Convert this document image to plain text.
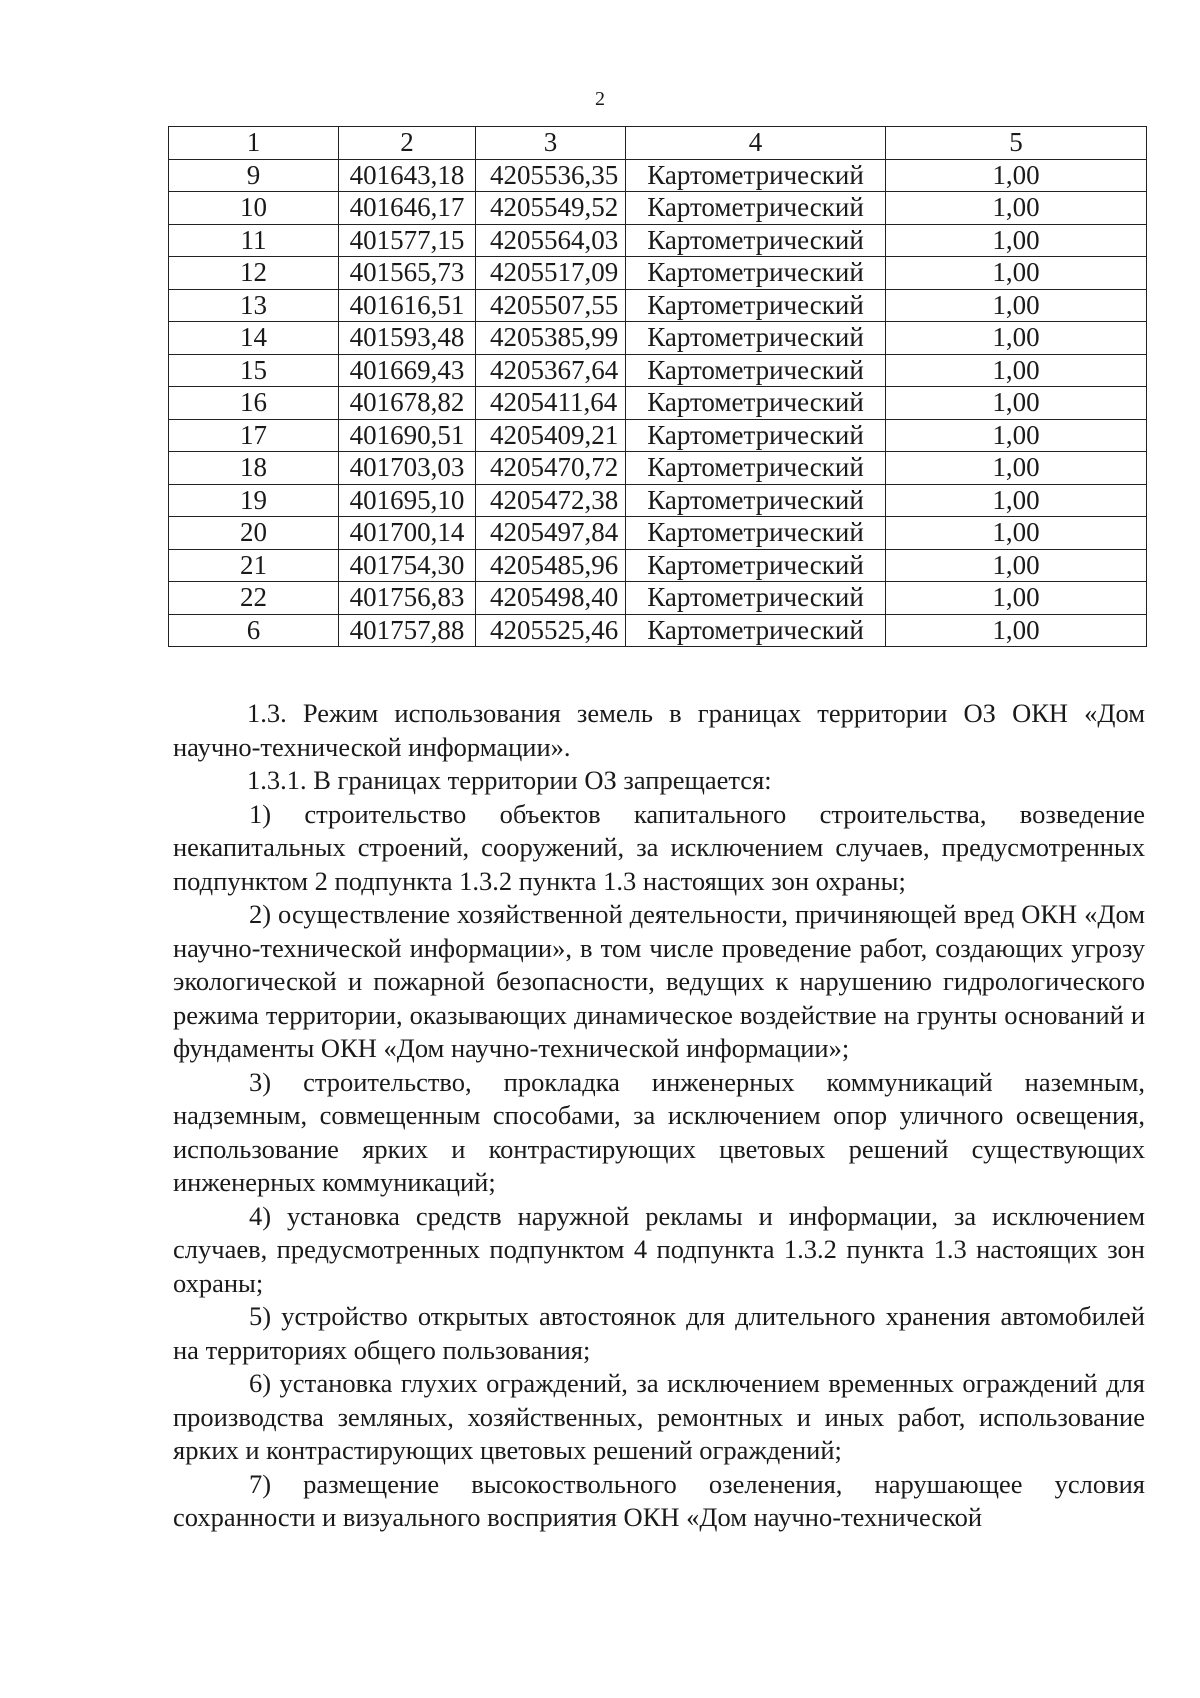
2
1	2	3	4	5
9	401643,18	4205536,35	Картометрический	1,00
10	401646,17	4205549,52	Картометрический	1,00
11	401577,15	4205564,03	Картометрический	1,00
12	401565,73	4205517,09	Картометрический	1,00
13	401616,51	4205507,55	Картометрический	1,00
14	401593,48	4205385,99	Картометрический	1,00
15	401669,43	4205367,64	Картометрический	1,00
16	401678,82	4205411,64	Картометрический	1,00
17	401690,51	4205409,21	Картометрический	1,00
18	401703,03	4205470,72	Картометрический	1,00
19	401695,10	4205472,38	Картометрический	1,00
20	401700,14	4205497,84	Картометрический	1,00
21	401754,30	4205485,96	Картометрический	1,00
22	401756,83	4205498,40	Картометрический	1,00
6	401757,88	4205525,46	Картометрический	1,00

1.3. Режим использования земель в границах территории ОЗ ОКН «Дом научно-технической информации».

1.3.1. В границах территории ОЗ запрещается:

1) строительство объектов капитального строительства, возведение некапитальных строений, сооружений, за исключением случаев, предусмотренных подпунктом 2 подпункта 1.3.2 пункта 1.3 настоящих зон охраны;

2) осуществление хозяйственной деятельности, причиняющей вред ОКН «Дом научно-технической информации», в том числе проведение работ, создающих угрозу экологической и пожарной безопасности, ведущих к нарушению гидрологического режима территории, оказывающих динамическое воздействие на грунты оснований и фундаменты ОКН «Дом научно-технической информации»;

3) строительство, прокладка инженерных коммуникаций наземным, надземным, совмещенным способами, за исключением опор уличного освещения, использование ярких и контрастирующих цветовых решений существующих инженерных коммуникаций;

4) установка средств наружной рекламы и информации, за исключением случаев, предусмотренных подпунктом 4 подпункта 1.3.2 пункта 1.3 настоящих зон охраны;

5) устройство открытых автостоянок для длительного хранения автомобилей на территориях общего пользования;

6) установка глухих ограждений, за исключением временных ограждений для производства земляных, хозяйственных, ремонтных и иных работ, использование ярких и контрастирующих цветовых решений ограждений;

7) размещение высокоствольного озеленения, нарушающее условия сохранности и визуального восприятия ОКН «Дом научно-технической
